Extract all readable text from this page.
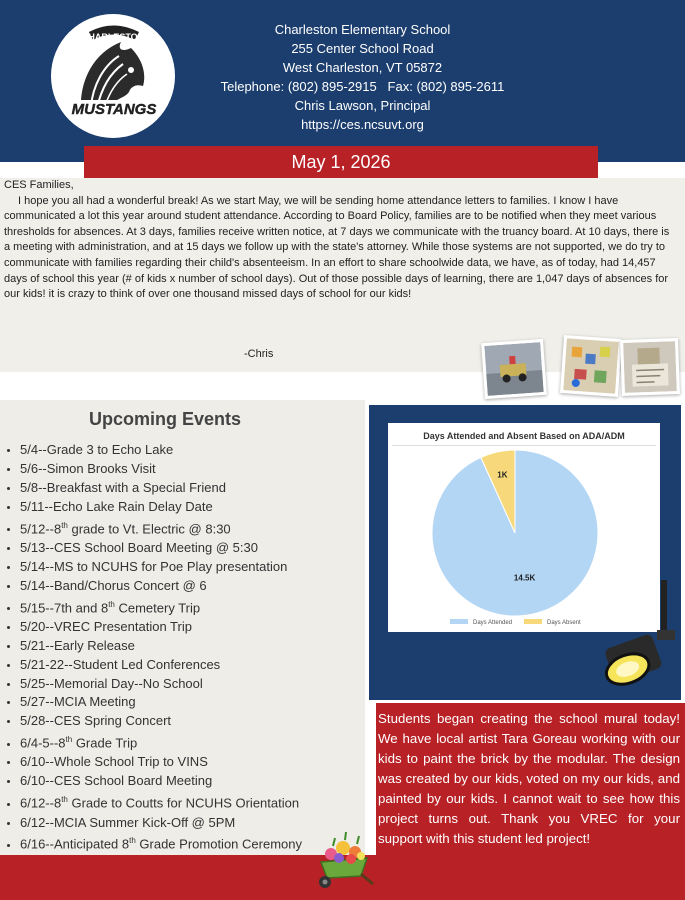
CHARLESTON
MUSTANGS
Charleston Elementary School
255 Center School Road
West Charleston, VT 05872
Telephone: (802) 895-2915   Fax: (802) 895-2611
Chris Lawson, Principal
https://ces.ncsuvt.org
May 1, 2026

CES Families,

I hope you all had a wonderful break! As we start May, we will be sending home attendance letters to families. I know I have communicated a lot this year around student attendance. According to Board Policy, families are to be notified when they meet various thresholds for absences. At 3 days, families receive written notice, at 7 days we communicate with the truancy board. At 10 days, there is a meeting with administration, and at 15 days we follow up with the state's attorney. While those systems are not supported, we do try to communicate with families regarding their child's absenteeism. In an effort to share schoolwide data, we have, as of today, had 14,457 days of school this year (# of kids x number of school days). Out of those possible days of learning, there are 1,047 days of absences for our kids! it is crazy to think of over one thousand missed days of school for our kids!

-Chris
Upcoming Events
• 5/4--Grade 3 to Echo Lake
• 5/6--Simon Brooks Visit
• 5/8--Breakfast with a Special Friend
• 5/11--Echo Lake Rain Delay Date
• 5/12--8th grade to Vt. Electric @ 8:30
• 5/13--CES School Board Meeting @ 5:30
• 5/14--MS to NCUHS for Poe Play presentation
• 5/14--Band/Chorus Concert @ 6
• 5/15--7th and 8th Cemetery Trip
• 5/20--VREC Presentation Trip
• 5/21--Early Release
• 5/21-22--Student Led Conferences
• 5/25--Memorial Day--No School
• 5/27--MCIA Meeting
• 5/28--CES Spring Concert
• 6/4-5--8th Grade Trip
• 6/10--Whole School Trip to VINS
• 6/10--CES School Board Meeting
• 6/12--8th Grade to Coutts for NCUHS Orientation
• 6/12--MCIA Summer Kick-Off @ 5PM
• 6/16--Anticipated 8th Grade Promotion Ceremony
•
Days Attended and Absent Based on ADA/ADM
14.5K
1K
Days Attended	Days Absent
Students began creating the school mural today! We have local artist Tara Goreau working with our kids to paint the brick by the modular. The design was created by our kids, voted on my our kids, and painted by our kids. I cannot wait to see how this project turns out. Thank you VREC for your support with this student led project!
